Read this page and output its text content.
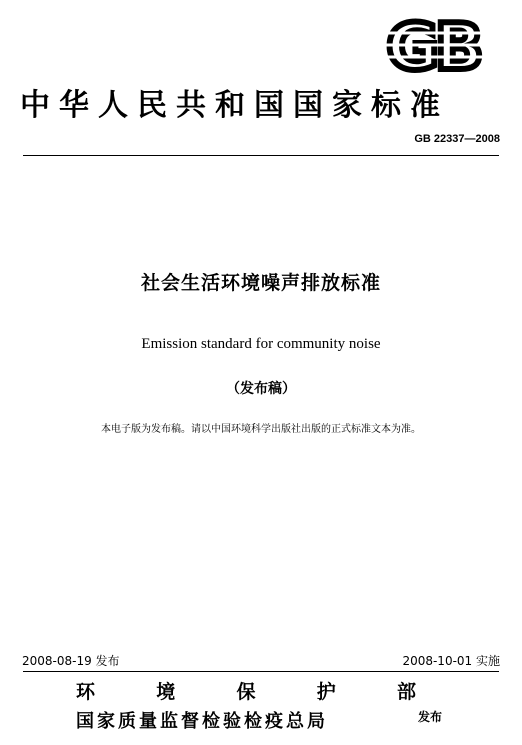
GB
中华人民共和国国家标准
GB 22337—2008
社会生活环境噪声排放标准
Emission standard for community noise
（发布稿）
本电子版为发布稿。请以中国环境科学出版社出版的正式标准文本为准。
2008-08-19 发布	2008-10-01 实施
环	境	保	护	部
国家质量监督检验检疫总局	发布
